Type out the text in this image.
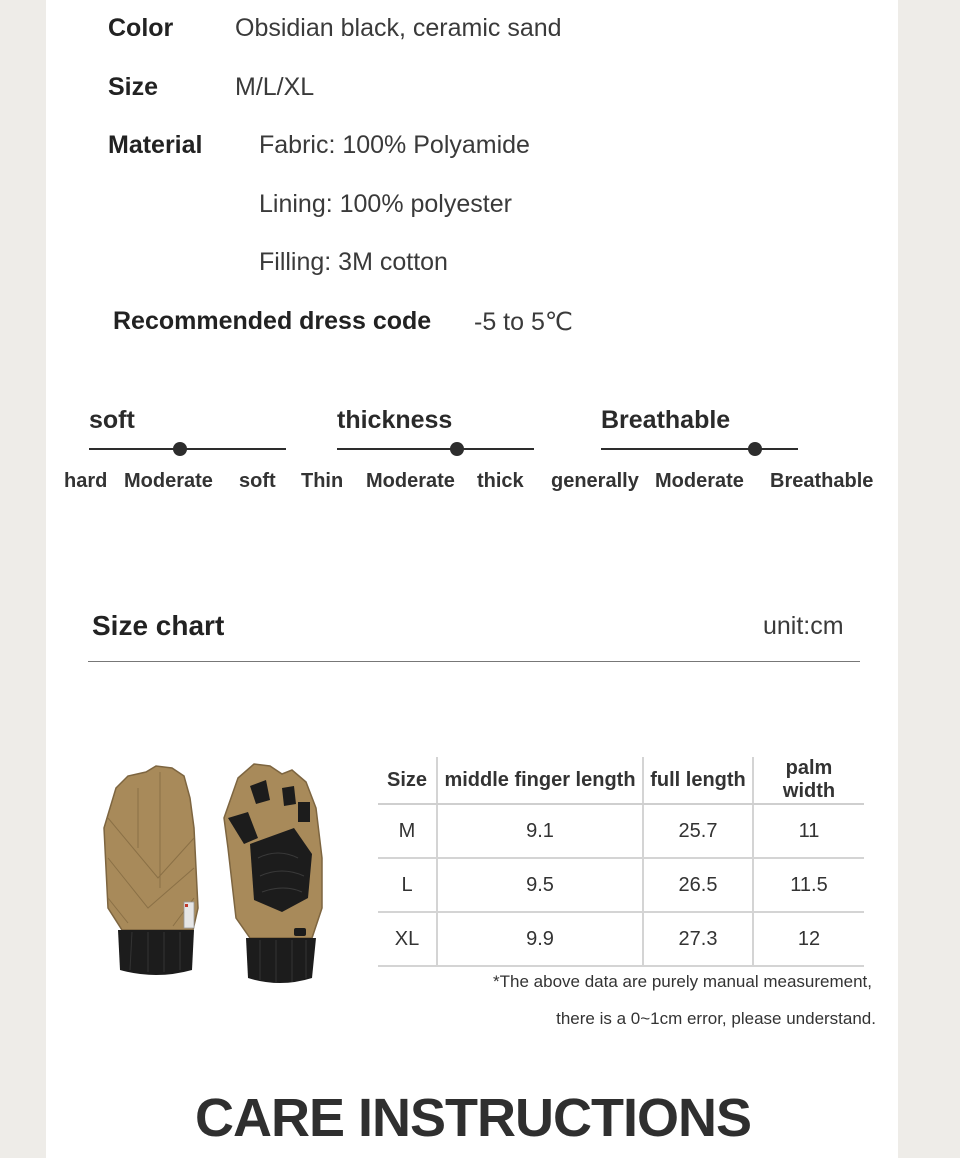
Color Obsidian black, ceramic sand
Size	M/L/XL
Material Fabric: 100% Polyamide
Lining: 100% polyester
Filling: 3M cotton
Recommended dress code -5 to 5℃
soft
hard Moderate soft
thickness
Thin Moderate thick
Breathable
generally Moderate Breathable
Size chart	unit:cm
Size	middle finger length	full length	palm width
M	9.1	25.7	11
L	9.5	26.5	11.5
XL	9.9	27.3	12
*The above data are purely manual measurement,
there is a 0~1cm error, please understand.
CARE INSTRUCTIONS
